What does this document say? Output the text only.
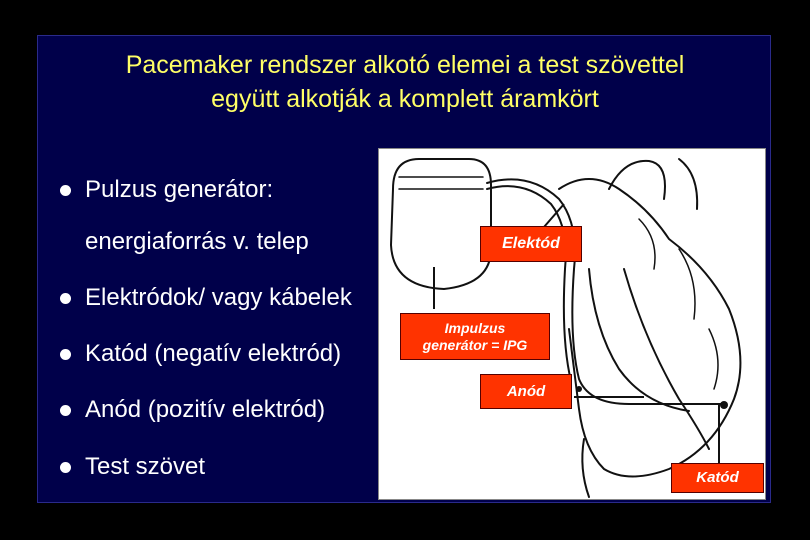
Pacemaker rendszer alkotó elemei a test szövettel
együtt alkotják a komplett áramkört
Pulzus generátor:
energiaforrás v. telep
Elektródok/ vagy kábelek
Katód (negatív elektród)
Anód (pozitív elektród)
Test szövet
Elektód
Impulzus
generátor = IPG
Anód
Katód
